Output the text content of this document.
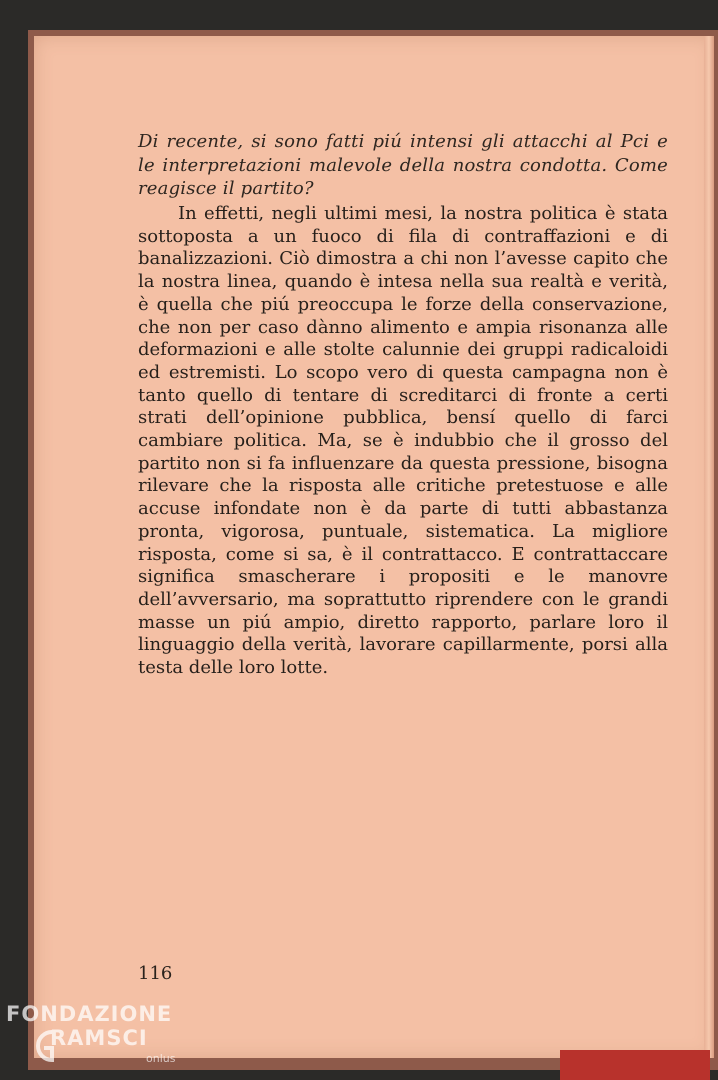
Di recente, si sono fatti piú intensi gli attacchi al Pci e le interpretazioni malevole della nostra condotta. Come reagisce il partito?

In effetti, negli ultimi mesi, la nostra politica è stata sottoposta a un fuoco di fila di contraffazioni e di banalizzazioni. Ciò dimostra a chi non l’avesse capito che la nostra linea, quando è intesa nella sua realtà e verità, è quella che piú preoccupa le forze della conservazione, che non per caso dànno alimento e ampia risonanza alle deformazioni e alle stolte calunnie dei gruppi radicaloidi ed estremisti. Lo scopo vero di questa campagna non è tanto quello di tentare di screditarci di fronte a certi strati dell’opinione pubblica, bensí quello di farci cambiare politica. Ma, se è indubbio che il grosso del partito non si fa influenzare da questa pressione, bisogna rilevare che la risposta alle critiche pretestuose e alle accuse infondate non è da parte di tutti abbastanza pronta, vigorosa, puntuale, sistematica. La migliore risposta, come si sa, è il contrattacco. E contrattaccare significa smascherare i propositi e le manovre dell’avversario, ma soprattutto riprendere con le grandi masse un piú ampio, diretto rapporto, parlare loro il linguaggio della verità, lavorare capillarmente, porsi alla testa delle loro lotte.

116

FONDAZIONE
RAMSCI
onlus
